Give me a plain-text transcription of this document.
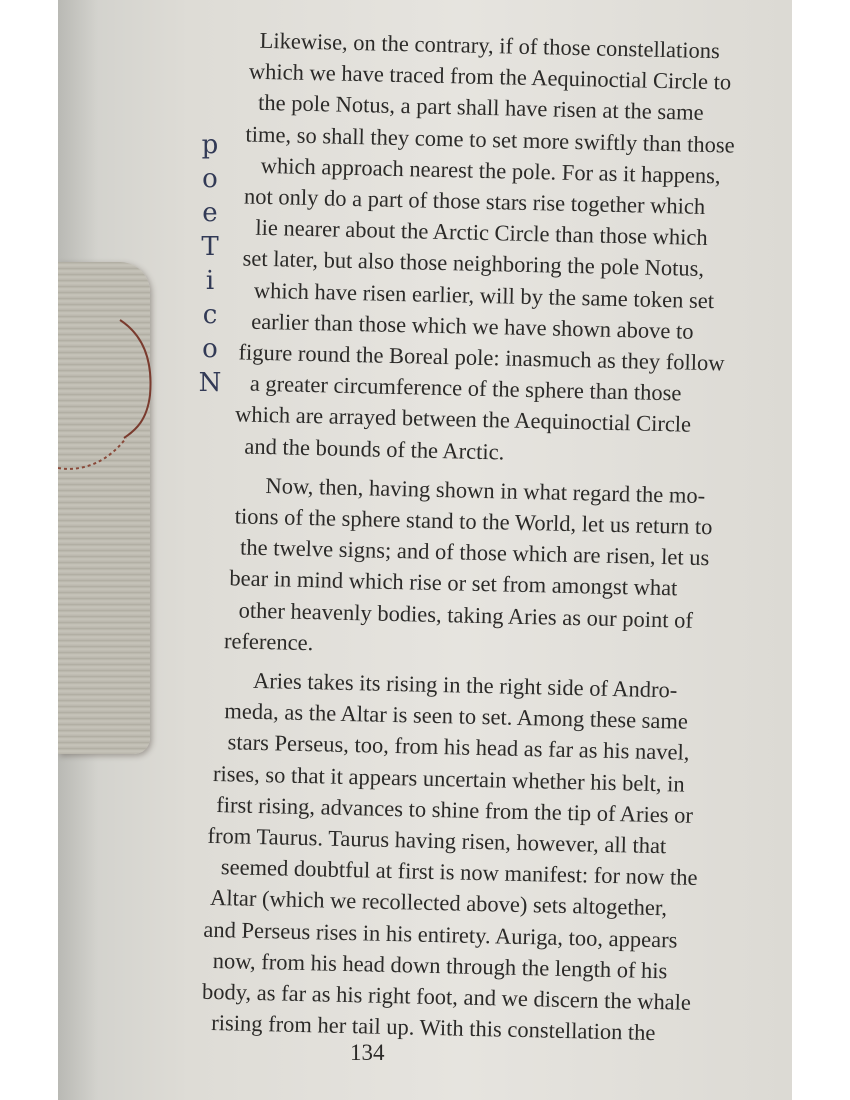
p
o
e
T
i
c
o
N
Likewise, on the contrary, if of those constellations
which we have traced from the Aequinoctial Circle to
the pole Notus, a part shall have risen at the same
time, so shall they come to set more swiftly than those
which approach nearest the pole. For as it happens,
not only do a part of those stars rise together which
lie nearer about the Arctic Circle than those which
set later, but also those neighboring the pole Notus,
which have risen earlier, will by the same token set
earlier than those which we have shown above to
figure round the Boreal pole: inasmuch as they follow
a greater circumference of the sphere than those
which are arrayed between the Aequinoctial Circle
and the bounds of the Arctic.
Now, then, having shown in what regard the mo-
tions of the sphere stand to the World, let us return to
the twelve signs; and of those which are risen, let us
bear in mind which rise or set from amongst what
other heavenly bodies, taking Aries as our point of
reference.
Aries takes its rising in the right side of Andro-
meda, as the Altar is seen to set. Among these same
stars Perseus, too, from his head as far as his navel,
rises, so that it appears uncertain whether his belt, in
first rising, advances to shine from the tip of Aries or
from Taurus. Taurus having risen, however, all that
seemed doubtful at first is now manifest: for now the
Altar (which we recollected above) sets altogether,
and Perseus rises in his entirety. Auriga, too, appears
now, from his head down through the length of his
body, as far as his right foot, and we discern the whale
rising from her tail up. With this constellation the
134
